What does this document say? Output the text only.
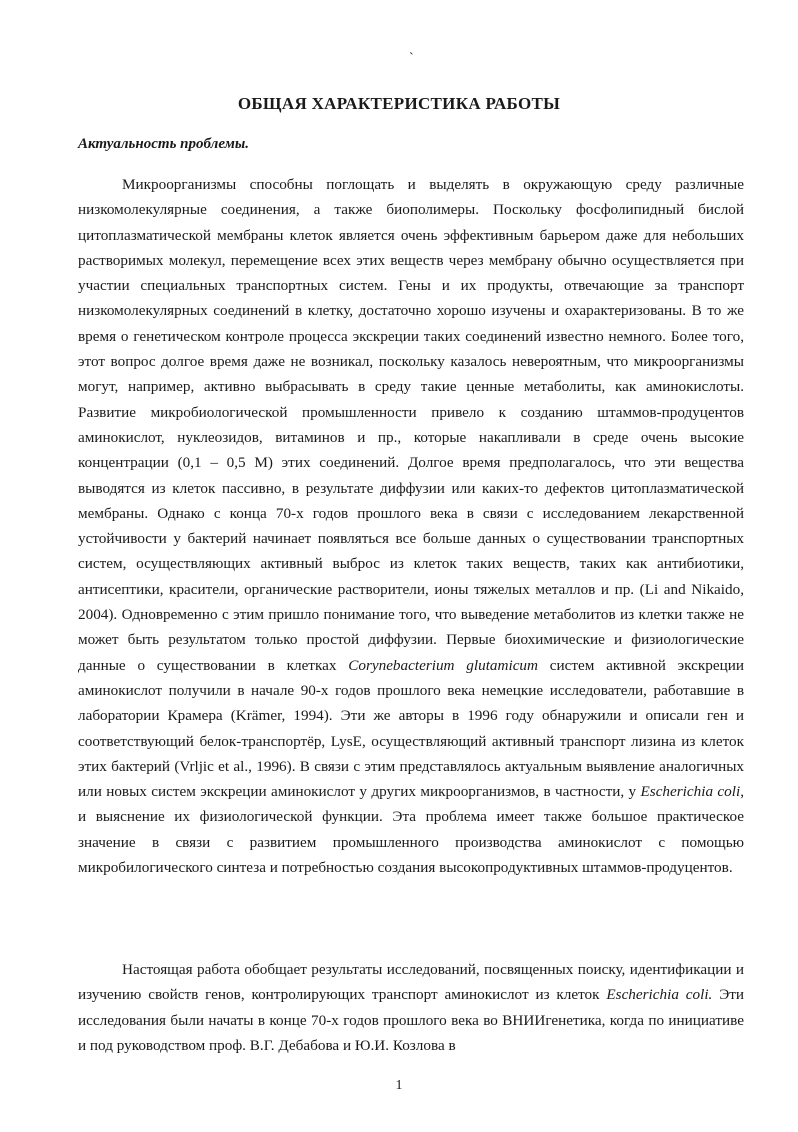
`
ОБЩАЯ ХАРАКТЕРИСТИКА РАБОТЫ
Актуальность проблемы.

Микроорганизмы способны поглощать и выделять в окружающую среду различные низкомолекулярные соединения, а также биополимеры. Поскольку фосфолипидный бислой цитоплазматической мембраны клеток является очень эффективным барьером даже для небольших растворимых молекул, перемещение всех этих веществ через мембрану обычно осуществляется при участии специальных транспортных систем. Гены и их продукты, отвечающие за транспорт низкомолекулярных соединений в клетку, достаточно хорошо изучены и охарактеризованы. В то же время о генетическом контроле процесса экскреции таких соединений известно немного. Более того, этот вопрос долгое время даже не возникал, поскольку казалось невероятным, что микроорганизмы могут, например, активно выбрасывать в среду такие ценные метаболиты, как аминокислоты. Развитие микробиологической промышленности привело к созданию штаммов-продуцентов аминокислот, нуклеозидов, витаминов и пр., которые накапливали в среде очень высокие концентрации (0,1 – 0,5 М) этих соединений. Долгое время предполагалось, что эти вещества выводятся из клеток пассивно, в результате диффузии или каких-то дефектов цитоплазматической мембраны. Однако с конца 70-х годов прошлого века в связи с исследованием лекарственной устойчивости у бактерий начинает появляться все больше данных о существовании транспортных систем, осуществляющих активный выброс из клеток таких веществ, таких как антибиотики, антисептики, красители, органические растворители, ионы тяжелых металлов и пр. (Li and Nikaido, 2004). Одновременно с этим пришло понимание того, что выведение метаболитов из клетки также не может быть результатом только простой диффузии. Первые биохимические и физиологические данные о существовании в клетках Corynebacterium glutamicum систем активной экскреции аминокислот получили в начале 90-х годов прошлого века немецкие исследователи, работавшие в лаборатории Крамера (Krämer, 1994). Эти же авторы в 1996 году обнаружили и описали ген и соответствующий белок-транспортёр, LysE, осуществляющий активный транспорт лизина из клеток этих бактерий (Vrljic et al., 1996). В связи с этим представлялось актуальным выявление аналогичных или новых систем экскреции аминокислот у других микроорганизмов, в частности, у Escherichia coli, и выяснение их физиологической функции. Эта проблема имеет также большое практическое значение в связи с развитием промышленного производства аминокислот с помощью микробилогического синтеза и потребностью создания высокопродуктивных штаммов-продуцентов.

Настоящая работа обобщает результаты исследований, посвященных поиску, идентификации и изучению свойств генов, контролирующих транспорт аминокислот из клеток Escherichia coli. Эти исследования были начаты в конце 70-х годов прошлого века во ВНИИгенетика, когда по инициативе и под руководством проф. В.Г. Дебабова и Ю.И. Козлова в

1
